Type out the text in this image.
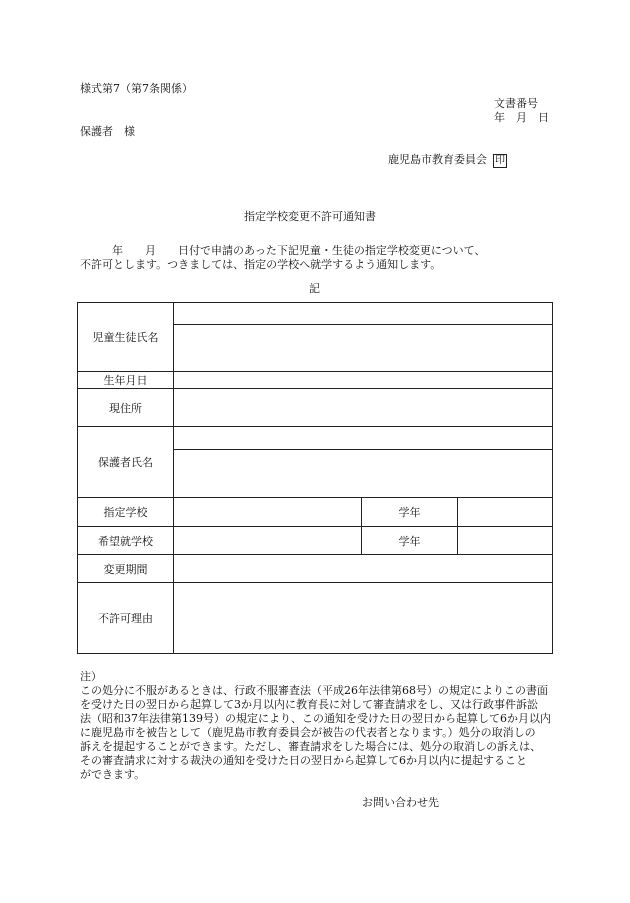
様式第7（第7条関係）
文書番号
年　月　日
保護者　様
鹿児島市教育委員会 印
指定学校変更不許可通知書
年　　月　　日付で申請のあった下記児童・生徒の指定学校変更について、
不許可とします。つきましては、指定の学校へ就学するよう通知します。
記
児童生徒氏名			

生年月日			
現住所			
保護者氏名			

指定学校		学年	
希望就学校		学年	
変更期間			
不許可理由			
注）
この処分に不服があるときは、行政不服審査法（平成26年法律第68号）の規定によりこの書面
を受けた日の翌日から起算して3か月以内に教育長に対して審査請求をし、又は行政事件訴訟
法（昭和37年法律第139号）の規定により、この通知を受けた日の翌日から起算して6か月以内
に鹿児島市を被告として（鹿児島市教育委員会が被告の代表者となります。）処分の取消しの
訴えを提起することができます。ただし、審査請求をした場合には、処分の取消しの訴えは、
その審査請求に対する裁決の通知を受けた日の翌日から起算して6か月以内に提起すること
ができます。
お問い合わせ先
